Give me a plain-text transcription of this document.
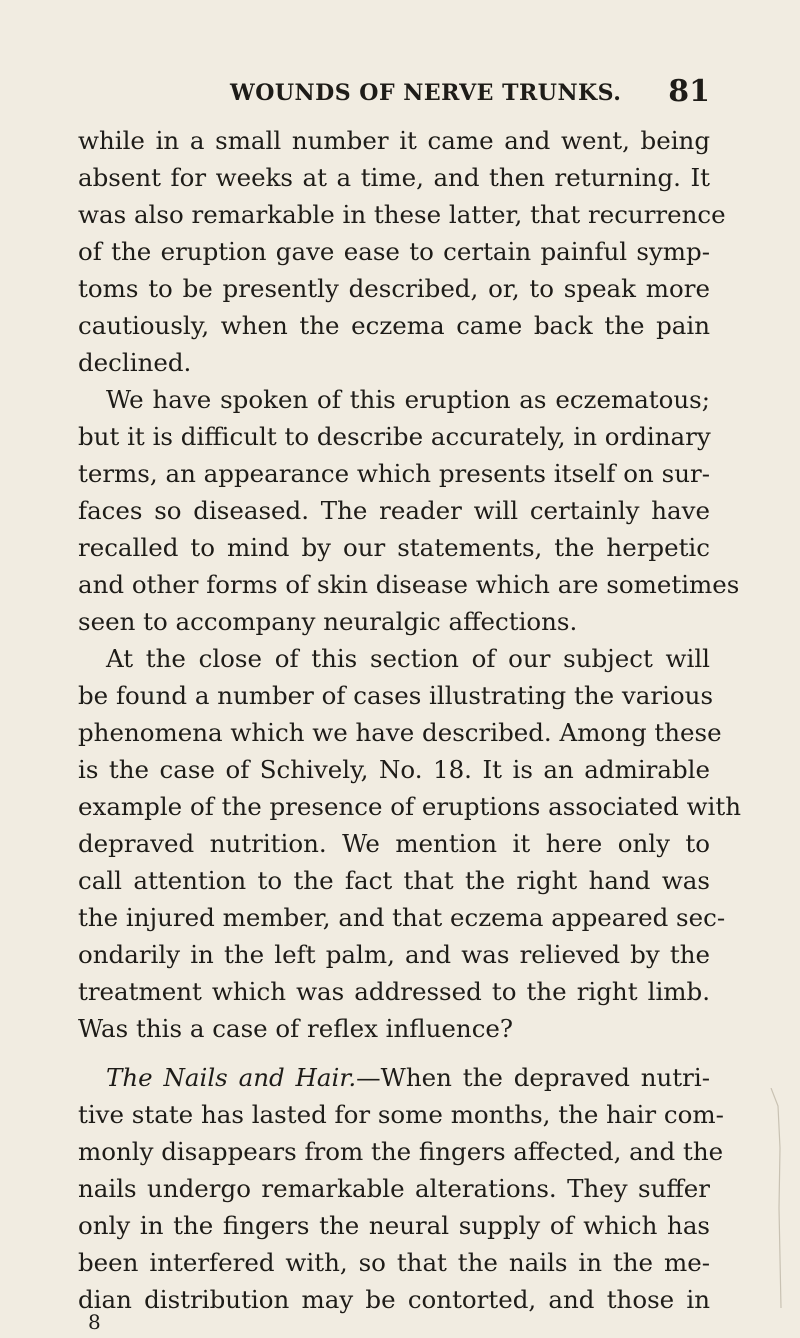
WOUNDS OF NERVE TRUNKS. 81
while in a small number it came and went, being
absent for weeks at a time, and then returning. It
was also remarkable in these latter, that recurrence
of the eruption gave ease to certain painful symp-
toms to be presently described, or, to speak more
cautiously, when the eczema came back the pain
declined.
We have spoken of this eruption as eczematous;
but it is difficult to describe accurately, in ordinary
terms, an appearance which presents itself on sur-
faces so diseased. The reader will certainly have
recalled to mind by our statements, the herpetic
and other forms of skin disease which are sometimes
seen to accompany neuralgic affections.
At the close of this section of our subject will
be found a number of cases illustrating the various
phenomena which we have described. Among these
is the case of Schively, No. 18. It is an admirable
example of the presence of eruptions associated with
depraved nutrition. We mention it here only to
call attention to the fact that the right hand was
the injured member, and that eczema appeared sec-
ondarily in the left palm, and was relieved by the
treatment which was addressed to the right limb.
Was this a case of reflex influence?
The Nails and Hair.—When the depraved nutri-
tive state has lasted for some months, the hair com-
monly disappears from the fingers affected, and the
nails undergo remarkable alterations. They suffer
only in the fingers the neural supply of which has
been interfered with, so that the nails in the me-
dian distribution may be contorted, and those in
8
